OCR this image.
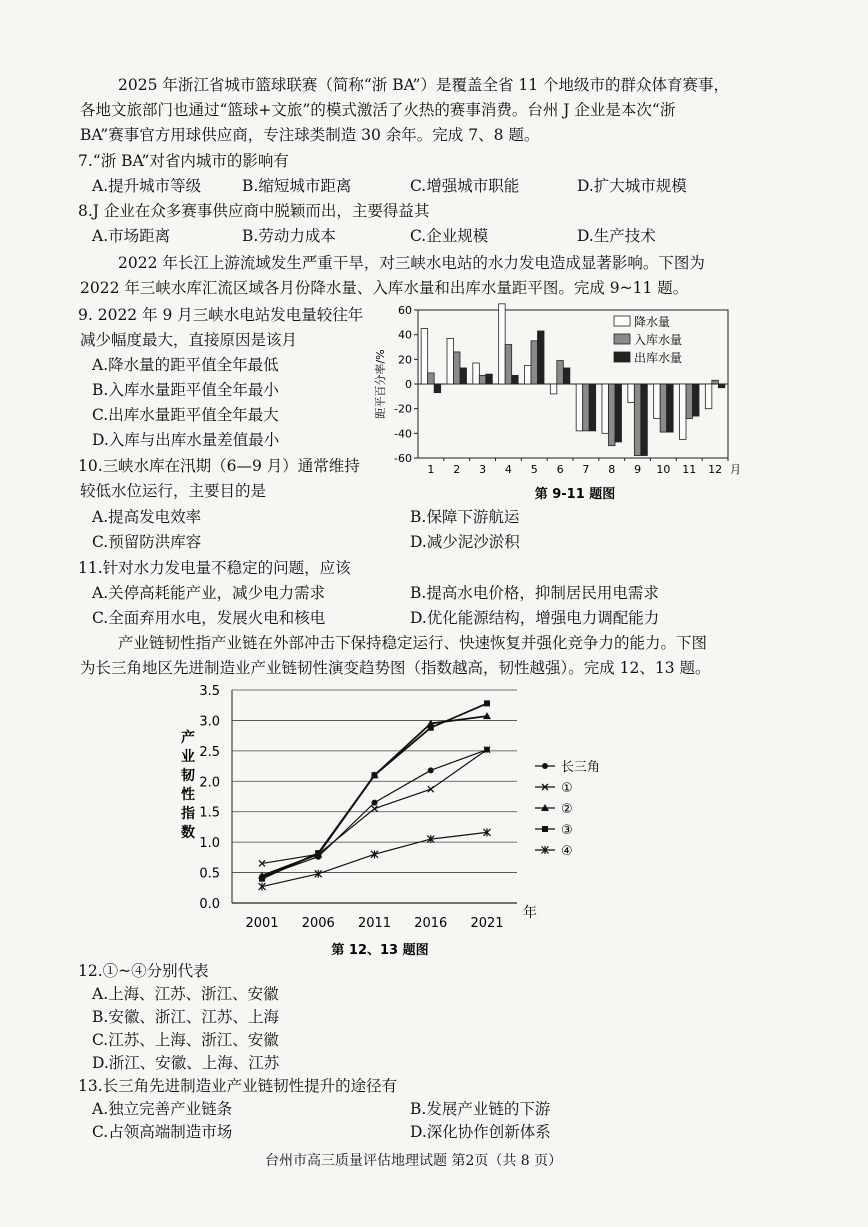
2025 年浙江省城市篮球联赛（简称“浙 BA”）是覆盖全省 11 个地级市的群众体育赛事，
各地文旅部门也通过“篮球+文旅”的模式激活了火热的赛事消费。台州 J 企业是本次“浙
BA”赛事官方用球供应商，专注球类制造 30 余年。完成 7、8 题。
7.“浙 BA”对省内城市的影响有
A.提升城市等级	B.缩短城市距离	C.增强城市职能	D.扩大城市规模
8.J 企业在众多赛事供应商中脱颖而出，主要得益其
A.市场距离	B.劳动力成本	C.企业规模	D.生产技术
2022 年长江上游流域发生严重干旱，对三峡水电站的水力发电造成显著影响。下图为
2022 年三峡水库汇流区域各月份降水量、入库水量和出库水量距平图。完成 9~11 题。
9. 2022 年 9 月三峡水电站发电量较往年
减少幅度最大，直接原因是该月
A.降水量的距平值全年最低
B.入库水量距平值全年最小
C.出库水量距平值全年最大
D.入库与出库水量差值最小
10.三峡水库在汛期（6—9 月）通常维持
较低水位运行，主要目的是
A.提高发电效率	B.保障下游航运
C.预留防洪库容	D.减少泥沙淤积
11.针对水力发电量不稳定的问题，应该
A.关停高耗能产业，减少电力需求	B.提高水电价格，抑制居民用电需求
C.全面弃用水电，发展火电和核电	D.优化能源结构，增强电力调配能力
产业链韧性指产业链在外部冲击下保持稳定运行、快速恢复并强化竞争力的能力。下图
为长三角地区先进制造业产业链韧性演变趋势图（指数越高，韧性越强）。完成 12、13 题。
60
40
20
0
-20
-40
-60
距平百分率/%
1 2 3 4 5 6 7 8 9 10 11 12 月
降水量
入库水量
出库水量
第 9-11 题图
0.0
0.5
1.0
1.5
2.0
2.5
3.0
3.5
产
业
韧
性
指
数
2001 2006 2011 2016 2021
年
长三角
①
②
③
④
第 12、13 题图
12.①~④分别代表
A.上海、江苏、浙江、安徽
B.安徽、浙江、江苏、上海
C.江苏、上海、浙江、安徽
D.浙江、安徽、上海、江苏
13.长三角先进制造业产业链韧性提升的途径有
A.独立完善产业链条	B.发展产业链的下游
C.占领高端制造市场	D.深化协作创新体系
台州市高三质量评估地理试题 第2页（共 8 页）
